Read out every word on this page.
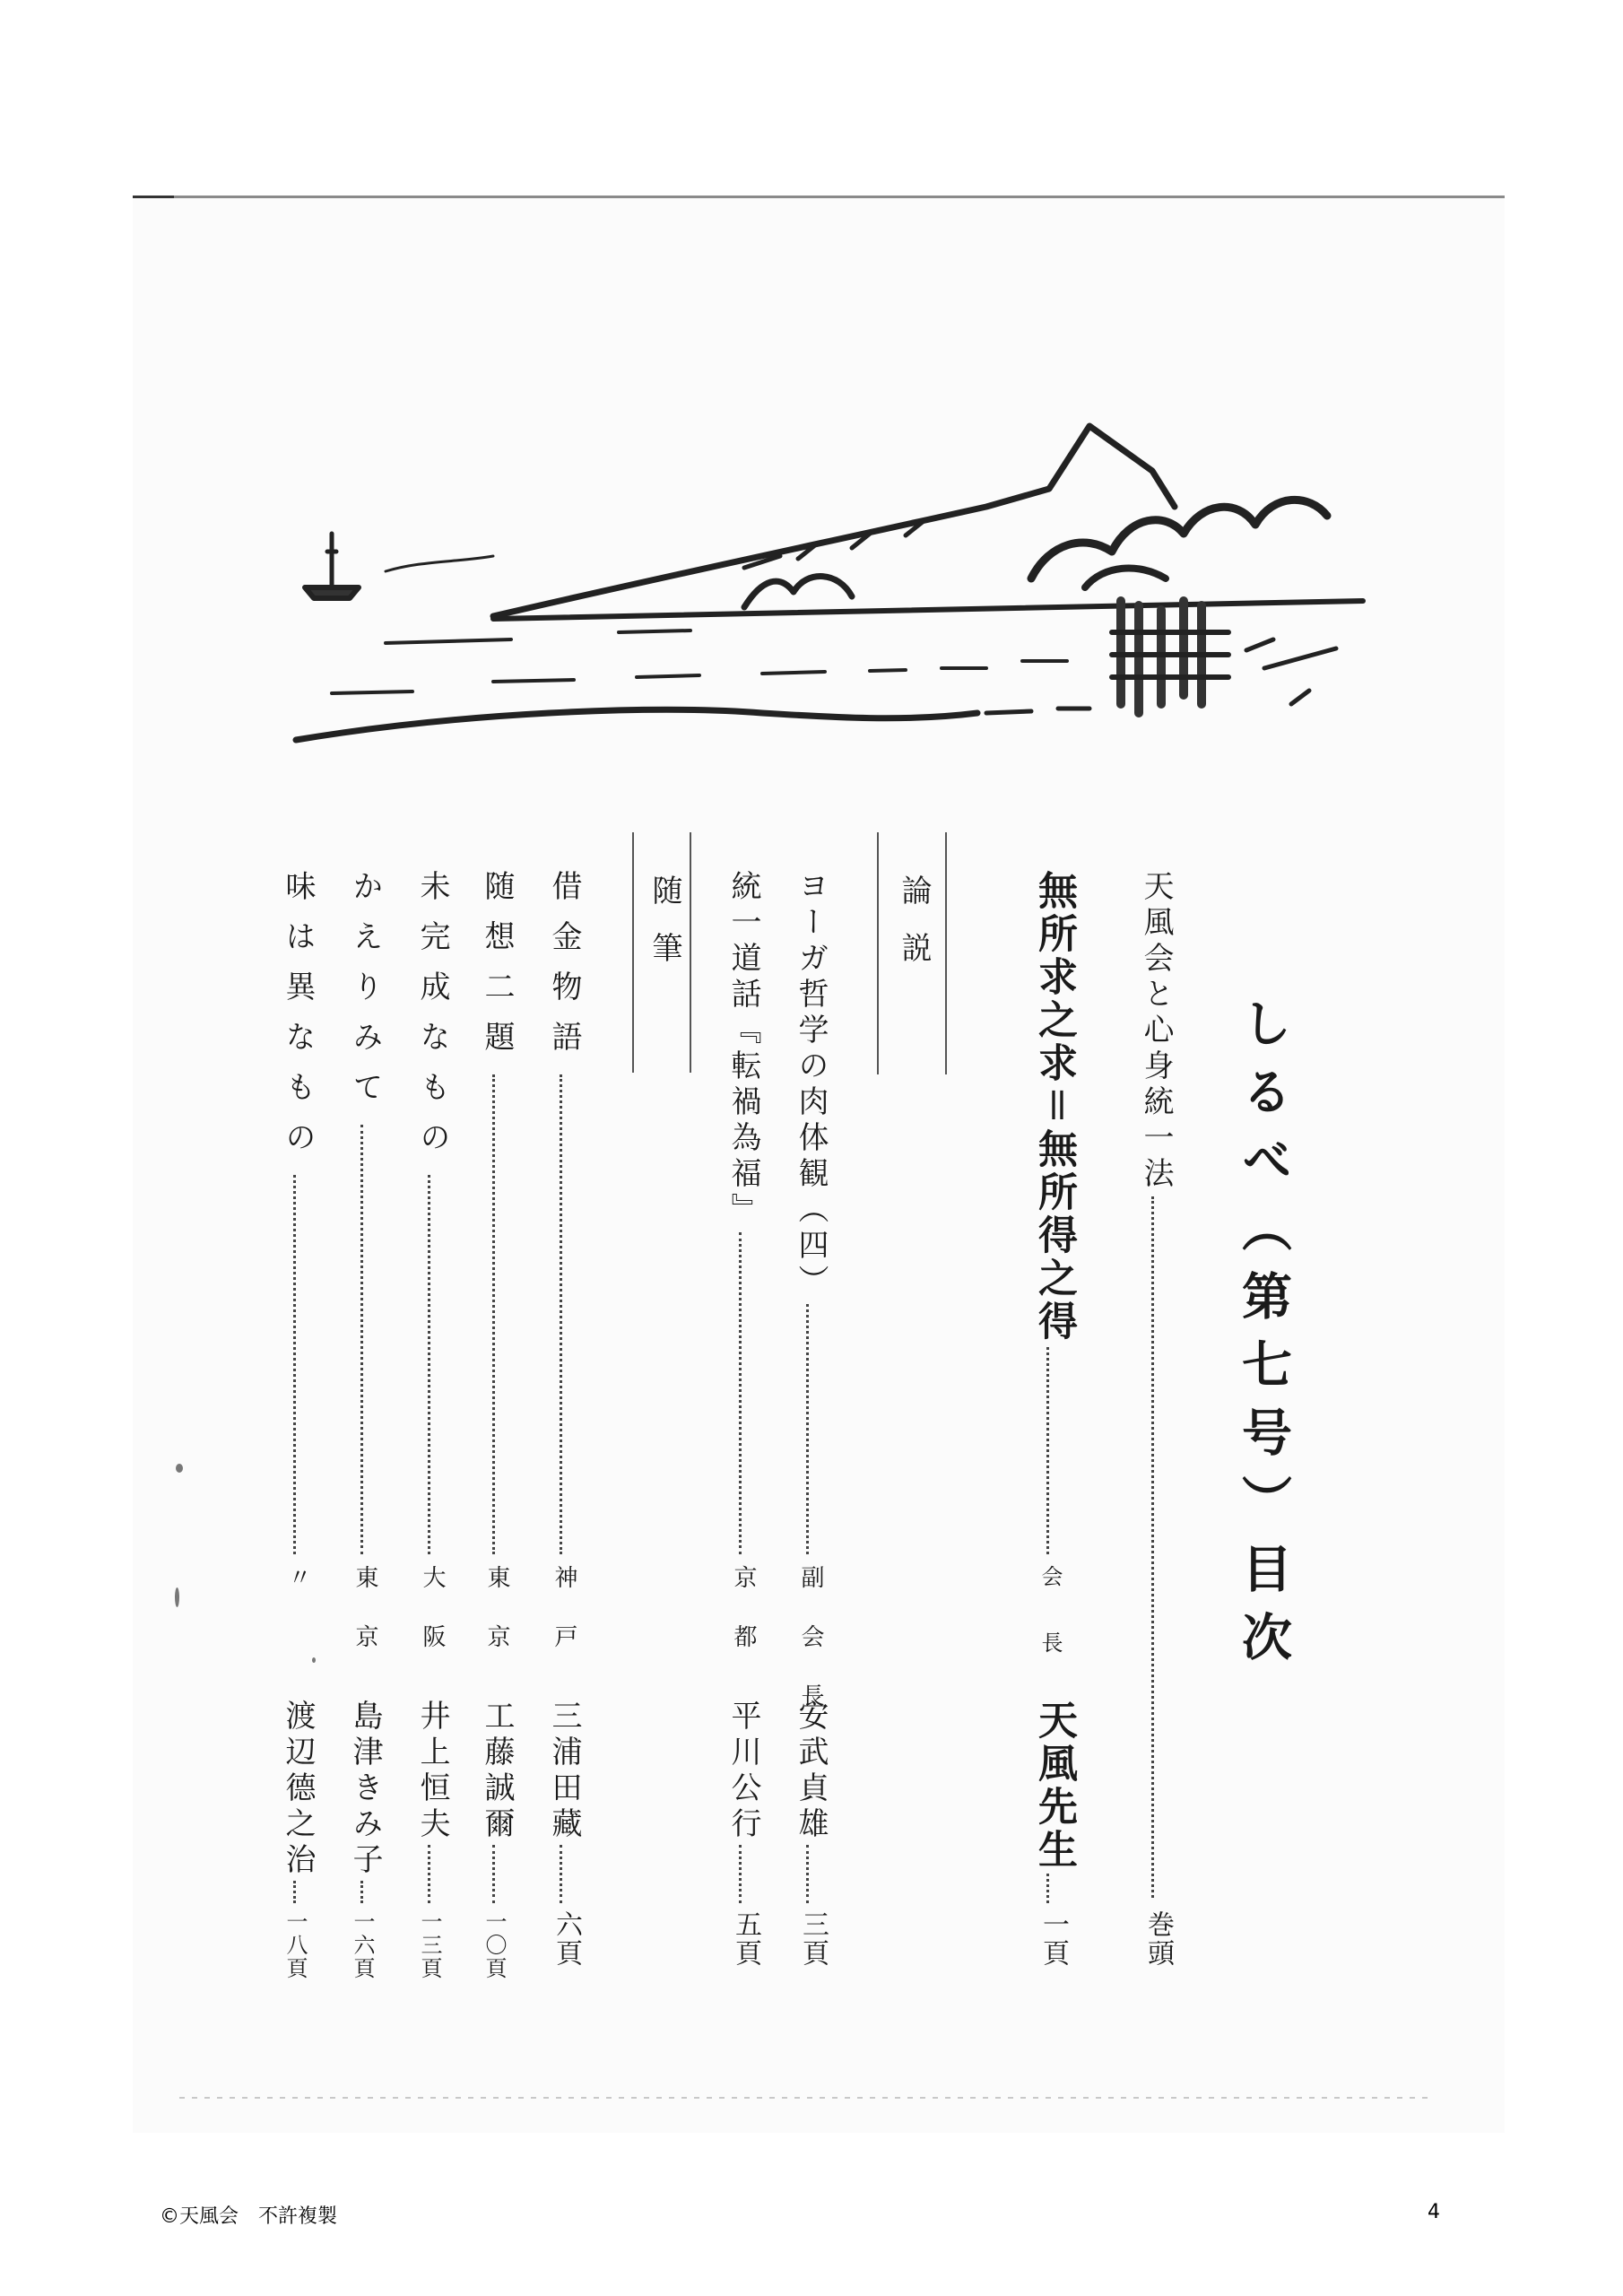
しるべ（第七号）目次
論説
随筆	天風会と心身統一法
巻頭
無所求之求＝無所得之得
会長
天風先生
一頁
ヨーガ哲学の肉体観（四）
副会長
安武貞雄
三頁
統一道話『転禍為福』
京都
平川公行
五頁
借金物語
神戸
三浦田藏
六頁
随想二題
東京
工藤誠爾
一〇頁
未完成なもの
大阪
井上恒夫
一三頁
かえりみて
東京
島津きみ子
一六頁
味は異なもの
〃
渡辺德之治
一八頁
©天風会　不許複製	4
